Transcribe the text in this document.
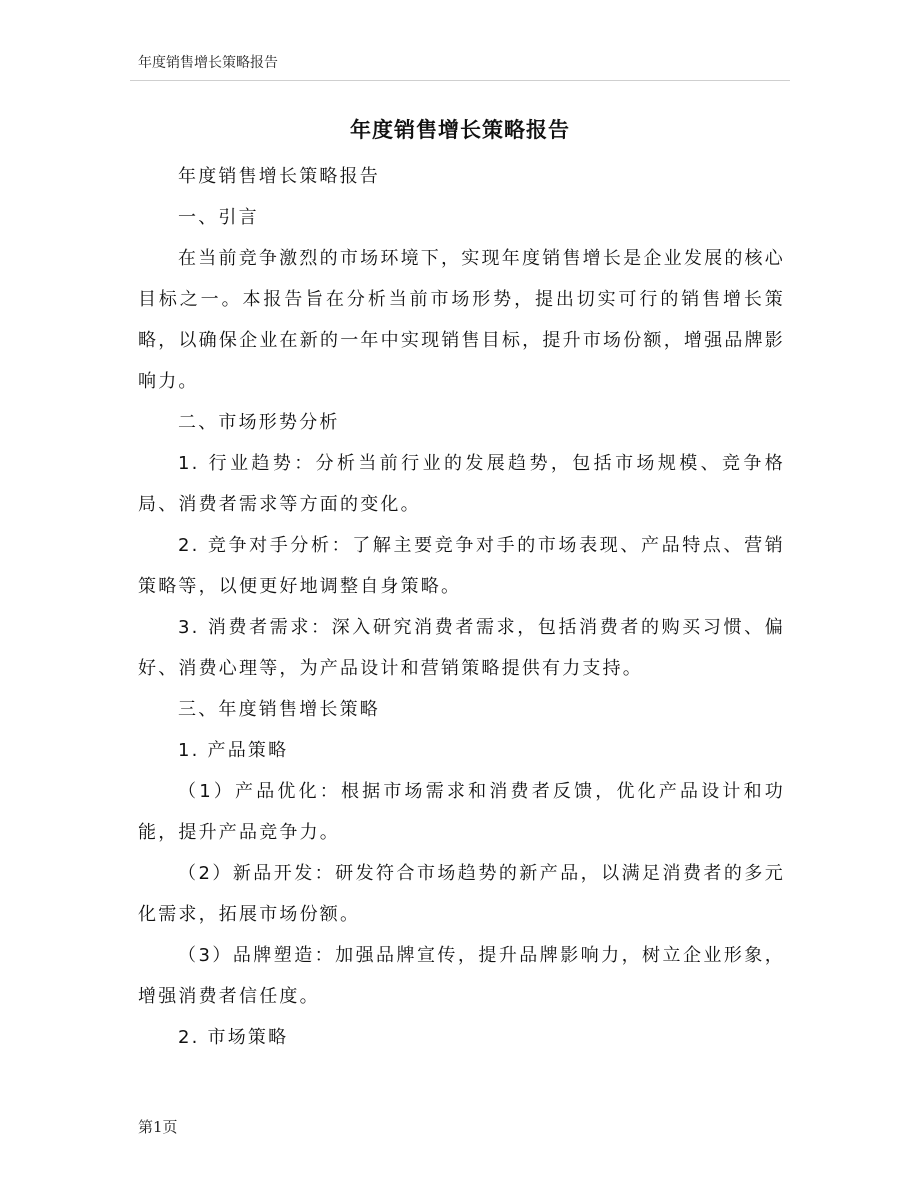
年度销售增长策略报告
年度销售增长策略报告

年度销售增长策略报告

一、引言

在当前竞争激烈的市场环境下，实现年度销售增长是企业发展的核心目标之一。本报告旨在分析当前市场形势，提出切实可行的销售增长策略，以确保企业在新的一年中实现销售目标，提升市场份额，增强品牌影响力。

二、市场形势分析

1. 行业趋势：分析当前行业的发展趋势，包括市场规模、竞争格局、消费者需求等方面的变化。

2. 竞争对手分析：了解主要竞争对手的市场表现、产品特点、营销策略等，以便更好地调整自身策略。

3. 消费者需求：深入研究消费者需求，包括消费者的购买习惯、偏好、消费心理等，为产品设计和营销策略提供有力支持。

三、年度销售增长策略

1. 产品策略

（1）产品优化：根据市场需求和消费者反馈，优化产品设计和功能，提升产品竞争力。

（2）新品开发：研发符合市场趋势的新产品，以满足消费者的多元化需求，拓展市场份额。

（3）品牌塑造：加强品牌宣传，提升品牌影响力，树立企业形象，增强消费者信任度。

2. 市场策略

第1页
